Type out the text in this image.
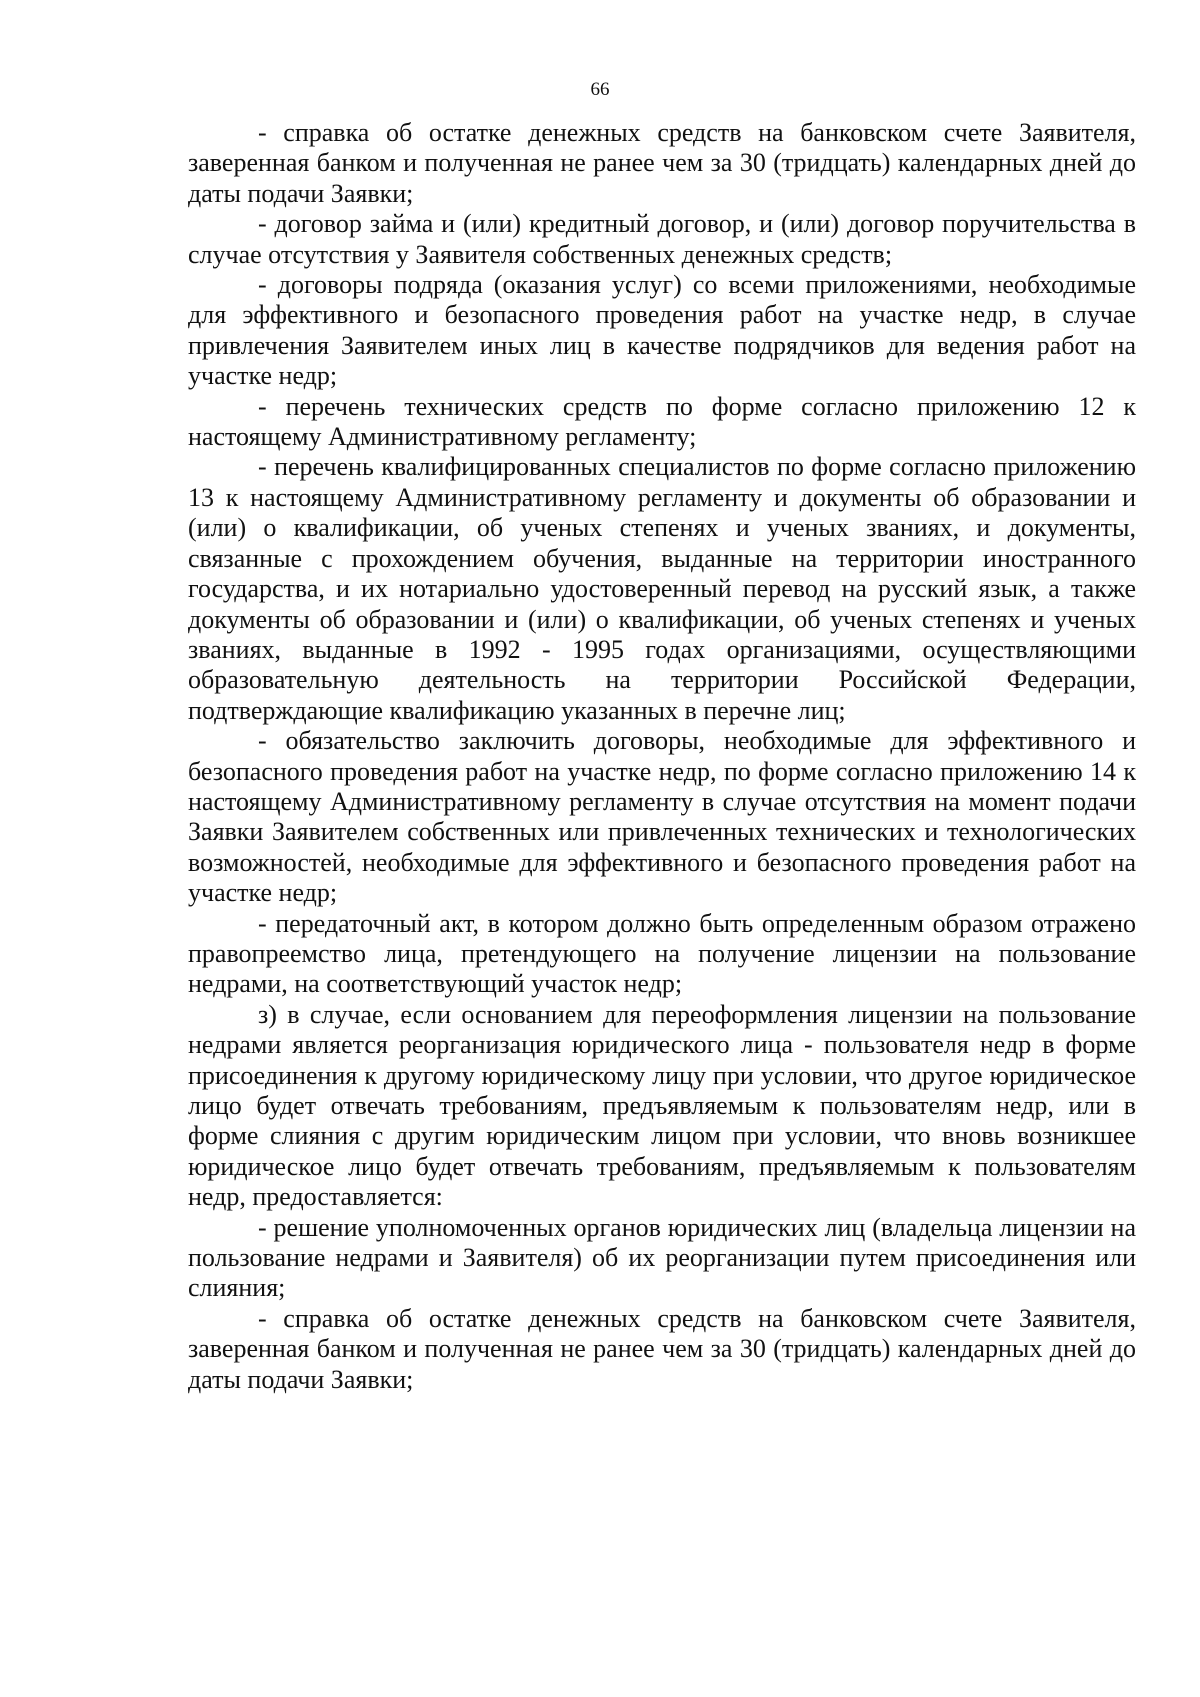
66

- справка об остатке денежных средств на банковском счете Заявителя, заверенная банком и полученная не ранее чем за 30 (тридцать) календарных дней до даты подачи Заявки;

- договор займа и (или) кредитный договор, и (или) договор поручительства в случае отсутствия у Заявителя собственных денежных средств;

- договоры подряда (оказания услуг) со всеми приложениями, необходимые для эффективного и безопасного проведения работ на участке недр, в случае привлечения Заявителем иных лиц в качестве подрядчиков для ведения работ на участке недр;

- перечень технических средств по форме согласно приложению 12 к настоящему Административному регламенту;

- перечень квалифицированных специалистов по форме согласно приложению 13 к настоящему Административному регламенту и документы об образовании и (или) о квалификации, об ученых степенях и ученых званиях, и документы, связанные с прохождением обучения, выданные на территории иностранного государства, и их нотариально удостоверенный перевод на русский язык, а также документы об образовании и (или) о квалификации, об ученых степенях и ученых званиях, выданные в 1992 - 1995 годах организациями, осуществляющими образовательную деятельность на территории Российской Федерации, подтверждающие квалификацию указанных в перечне лиц;

- обязательство заключить договоры, необходимые для эффективного и безопасного проведения работ на участке недр, по форме согласно приложению 14 к настоящему Административному регламенту в случае отсутствия на момент подачи Заявки Заявителем собственных или привлеченных технических и технологических возможностей, необходимые для эффективного и безопасного проведения работ на участке недр;

- передаточный акт, в котором должно быть определенным образом отражено правопреемство лица, претендующего на получение лицензии на пользование недрами, на соответствующий участок недр;

з) в случае, если основанием для переоформления лицензии на пользование недрами является реорганизация юридического лица - пользователя недр в форме присоединения к другому юридическому лицу при условии, что другое юридическое лицо будет отвечать требованиям, предъявляемым к пользователям недр, или в форме слияния с другим юридическим лицом при условии, что вновь возникшее юридическое лицо будет отвечать требованиям, предъявляемым к пользователям недр, предоставляется:

- решение уполномоченных органов юридических лиц (владельца лицензии на пользование недрами и Заявителя) об их реорганизации путем присоединения или слияния;

- справка об остатке денежных средств на банковском счете Заявителя, заверенная банком и полученная не ранее чем за 30 (тридцать) календарных дней до даты подачи Заявки;
